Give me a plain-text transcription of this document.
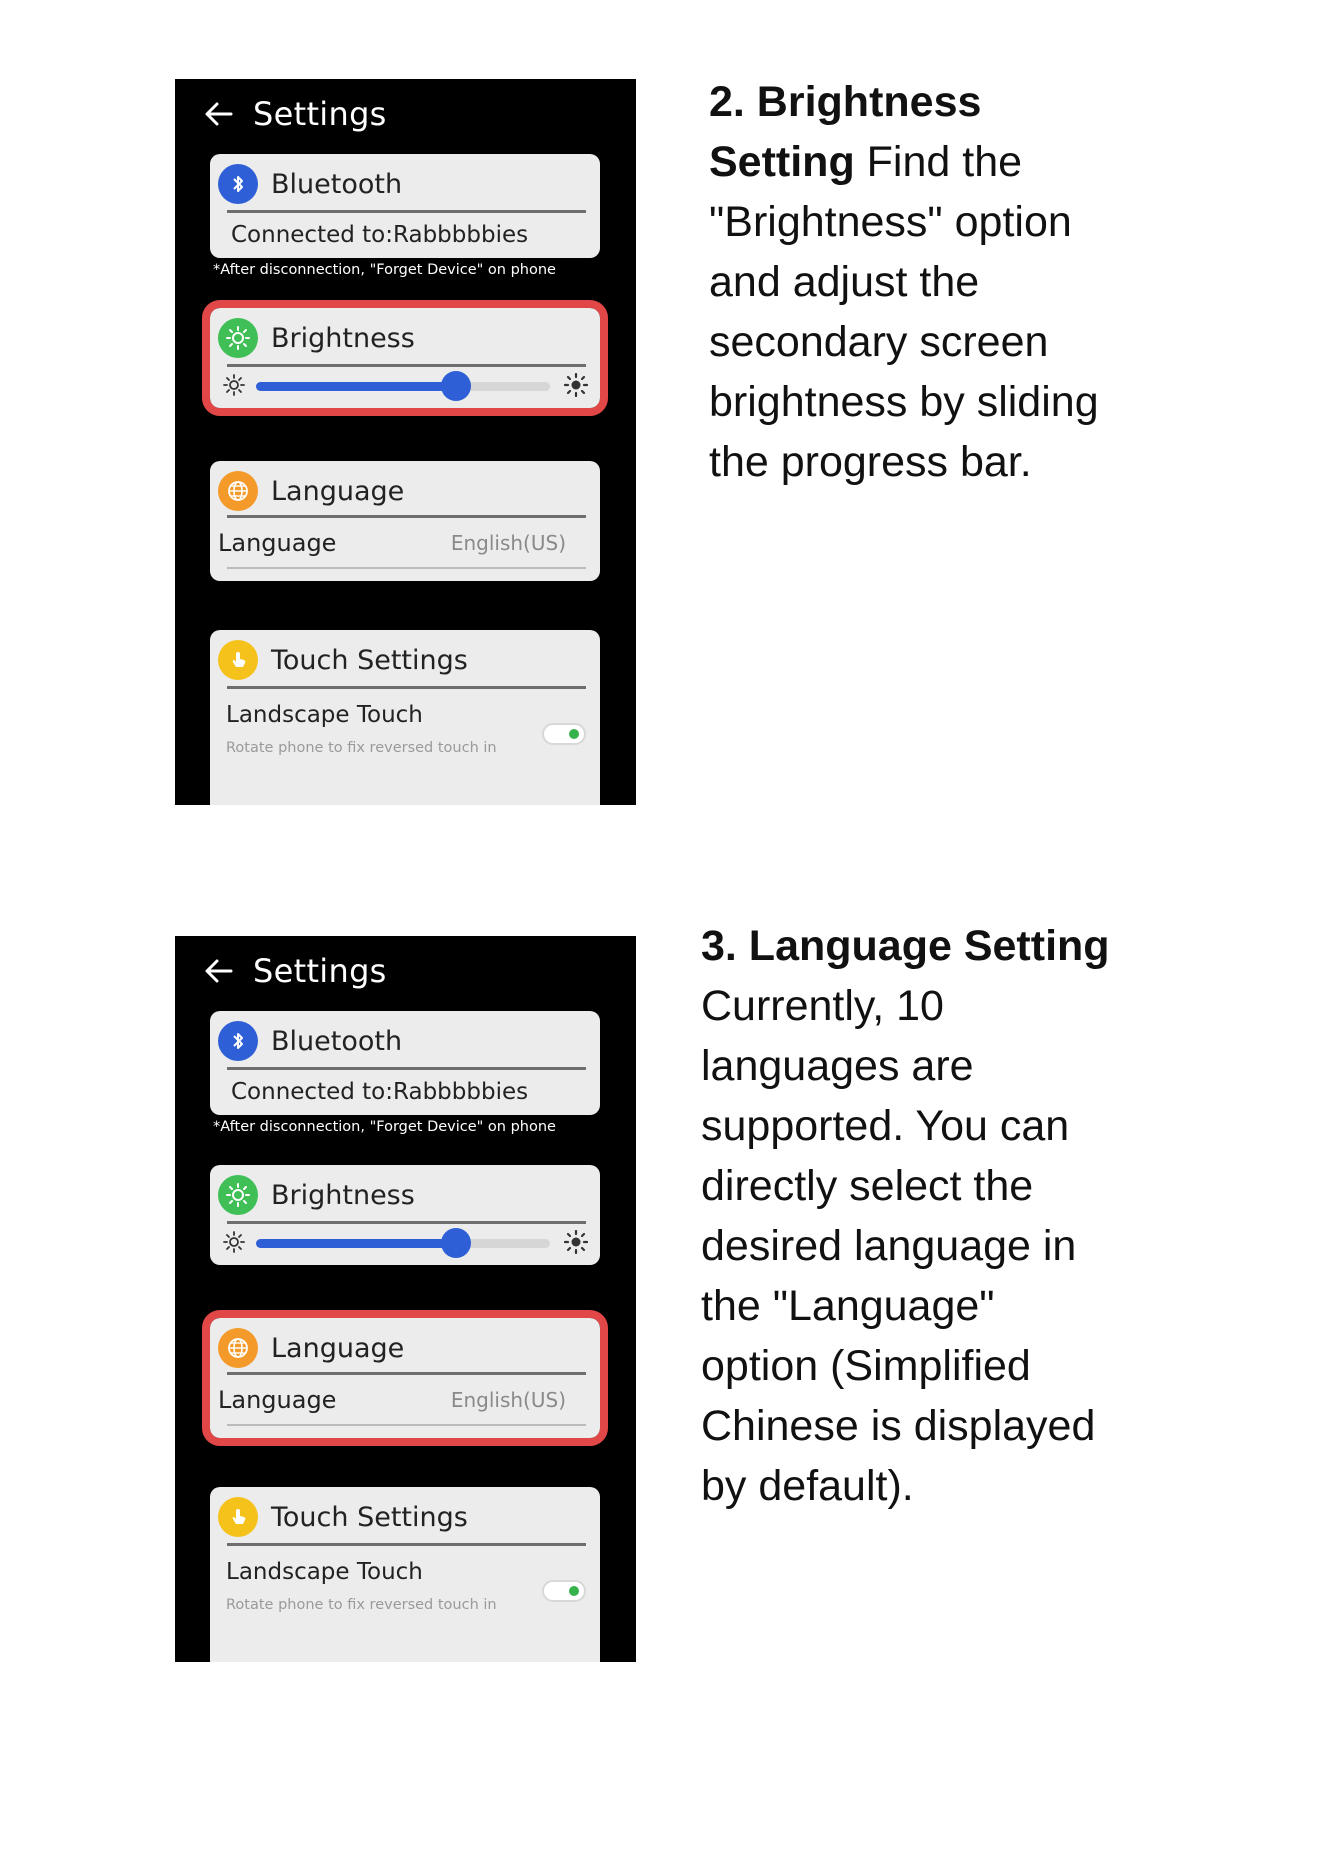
Settings
Bluetooth
Connected to:Rabbbbbies
*After disconnection, "Forget Device" on phone
Brightness
Language
Language	English(US)
Touch Settings
Landscape Touch
Rotate phone to fix reversed touch in
Settings
Bluetooth
Connected to:Rabbbbbies
*After disconnection, "Forget Device" on phone
Brightness
Language
Language	English(US)
Touch Settings
Landscape Touch
Rotate phone to fix reversed touch in
2. Brightness
Setting Find the
"Brightness" option
and adjust the
secondary screen
brightness by sliding
the progress bar.
3. Language Setting
Currently, 10
languages are
supported. You can
directly select the
desired language in
the "Language"
option (Simplified
Chinese is displayed
by default).
